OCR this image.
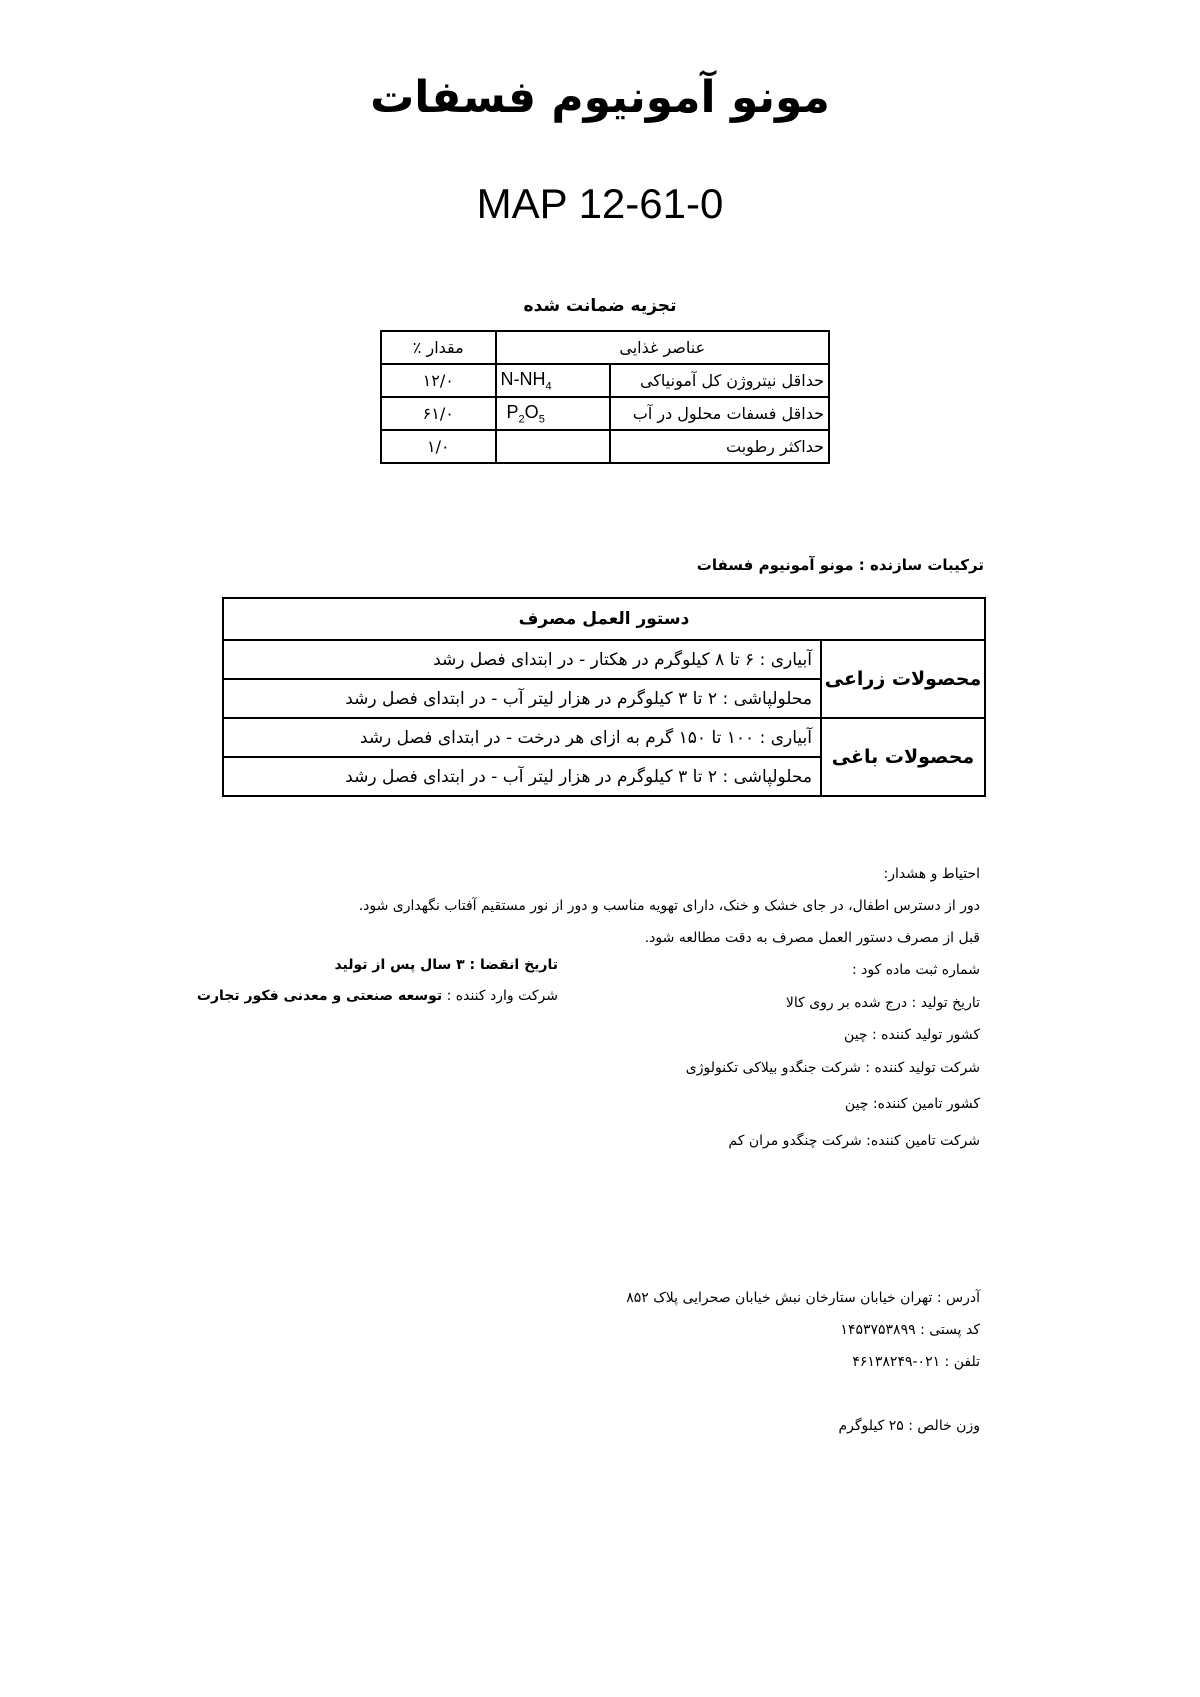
مونو آمونیوم فسفات
MAP 12-61-0
تجزیه ضمانت شده
عناصر غذایی		مقدار ٪
حداقل نیتروژن کل آمونیاکی	$N-NH_4$	۱۲/۰
حداقل فسفات محلول در آب	$P_2O_5$	۶۱/۰
حداکثر رطوبت		۱/۰
ترکیبات سازنده : مونو آمونیوم فسفات
دستور العمل مصرف	
محصولات زراعی	آبیاری : ۶ تا ۸ کیلوگرم در هکتار - در ابتدای فصل رشد
	محلولپاشی : ۲ تا ۳ کیلوگرم در هزار لیتر آب - در ابتدای فصل رشد
محصولات باغی	آبیاری : ۱۰۰ تا ۱۵۰ گرم به ازای هر درخت - در ابتدای فصل رشد
	محلولپاشی : ۲ تا ۳ کیلوگرم در هزار لیتر آب - در ابتدای فصل رشد
احتیاط و هشدار:
دور از دسترس اطفال، در جای خشک و خنک، دارای تهویه مناسب و دور از نور مستقیم آفتاب نگهداری شود.
قبل از مصرف دستور العمل مصرف به دقت مطالعه شود.
شماره ثبت ماده کود :
تاریخ تولید : درج شده بر روی کالا
کشور تولید کننده : چین
شرکت تولید کننده : شرکت جنگدو بیلاکی تکنولوژی
کشور تامین کننده: چین
شرکت تامین کننده: شرکت چنگدو مران کم
تاریخ انقضا : ۳ سال پس از تولید
شرکت وارد کننده : توسعه صنعتی و معدنی فکور تجارت
آدرس : تهران خیابان ستارخان نبش خیابان صحرایی پلاک ۸۵۲
کد پستی : ۱۴۵۳۷۵۳۸۹۹
تلفن : ۰۲۱-۴۶۱۳۸۲۴۹
وزن خالص : ۲۵ کیلوگرم
